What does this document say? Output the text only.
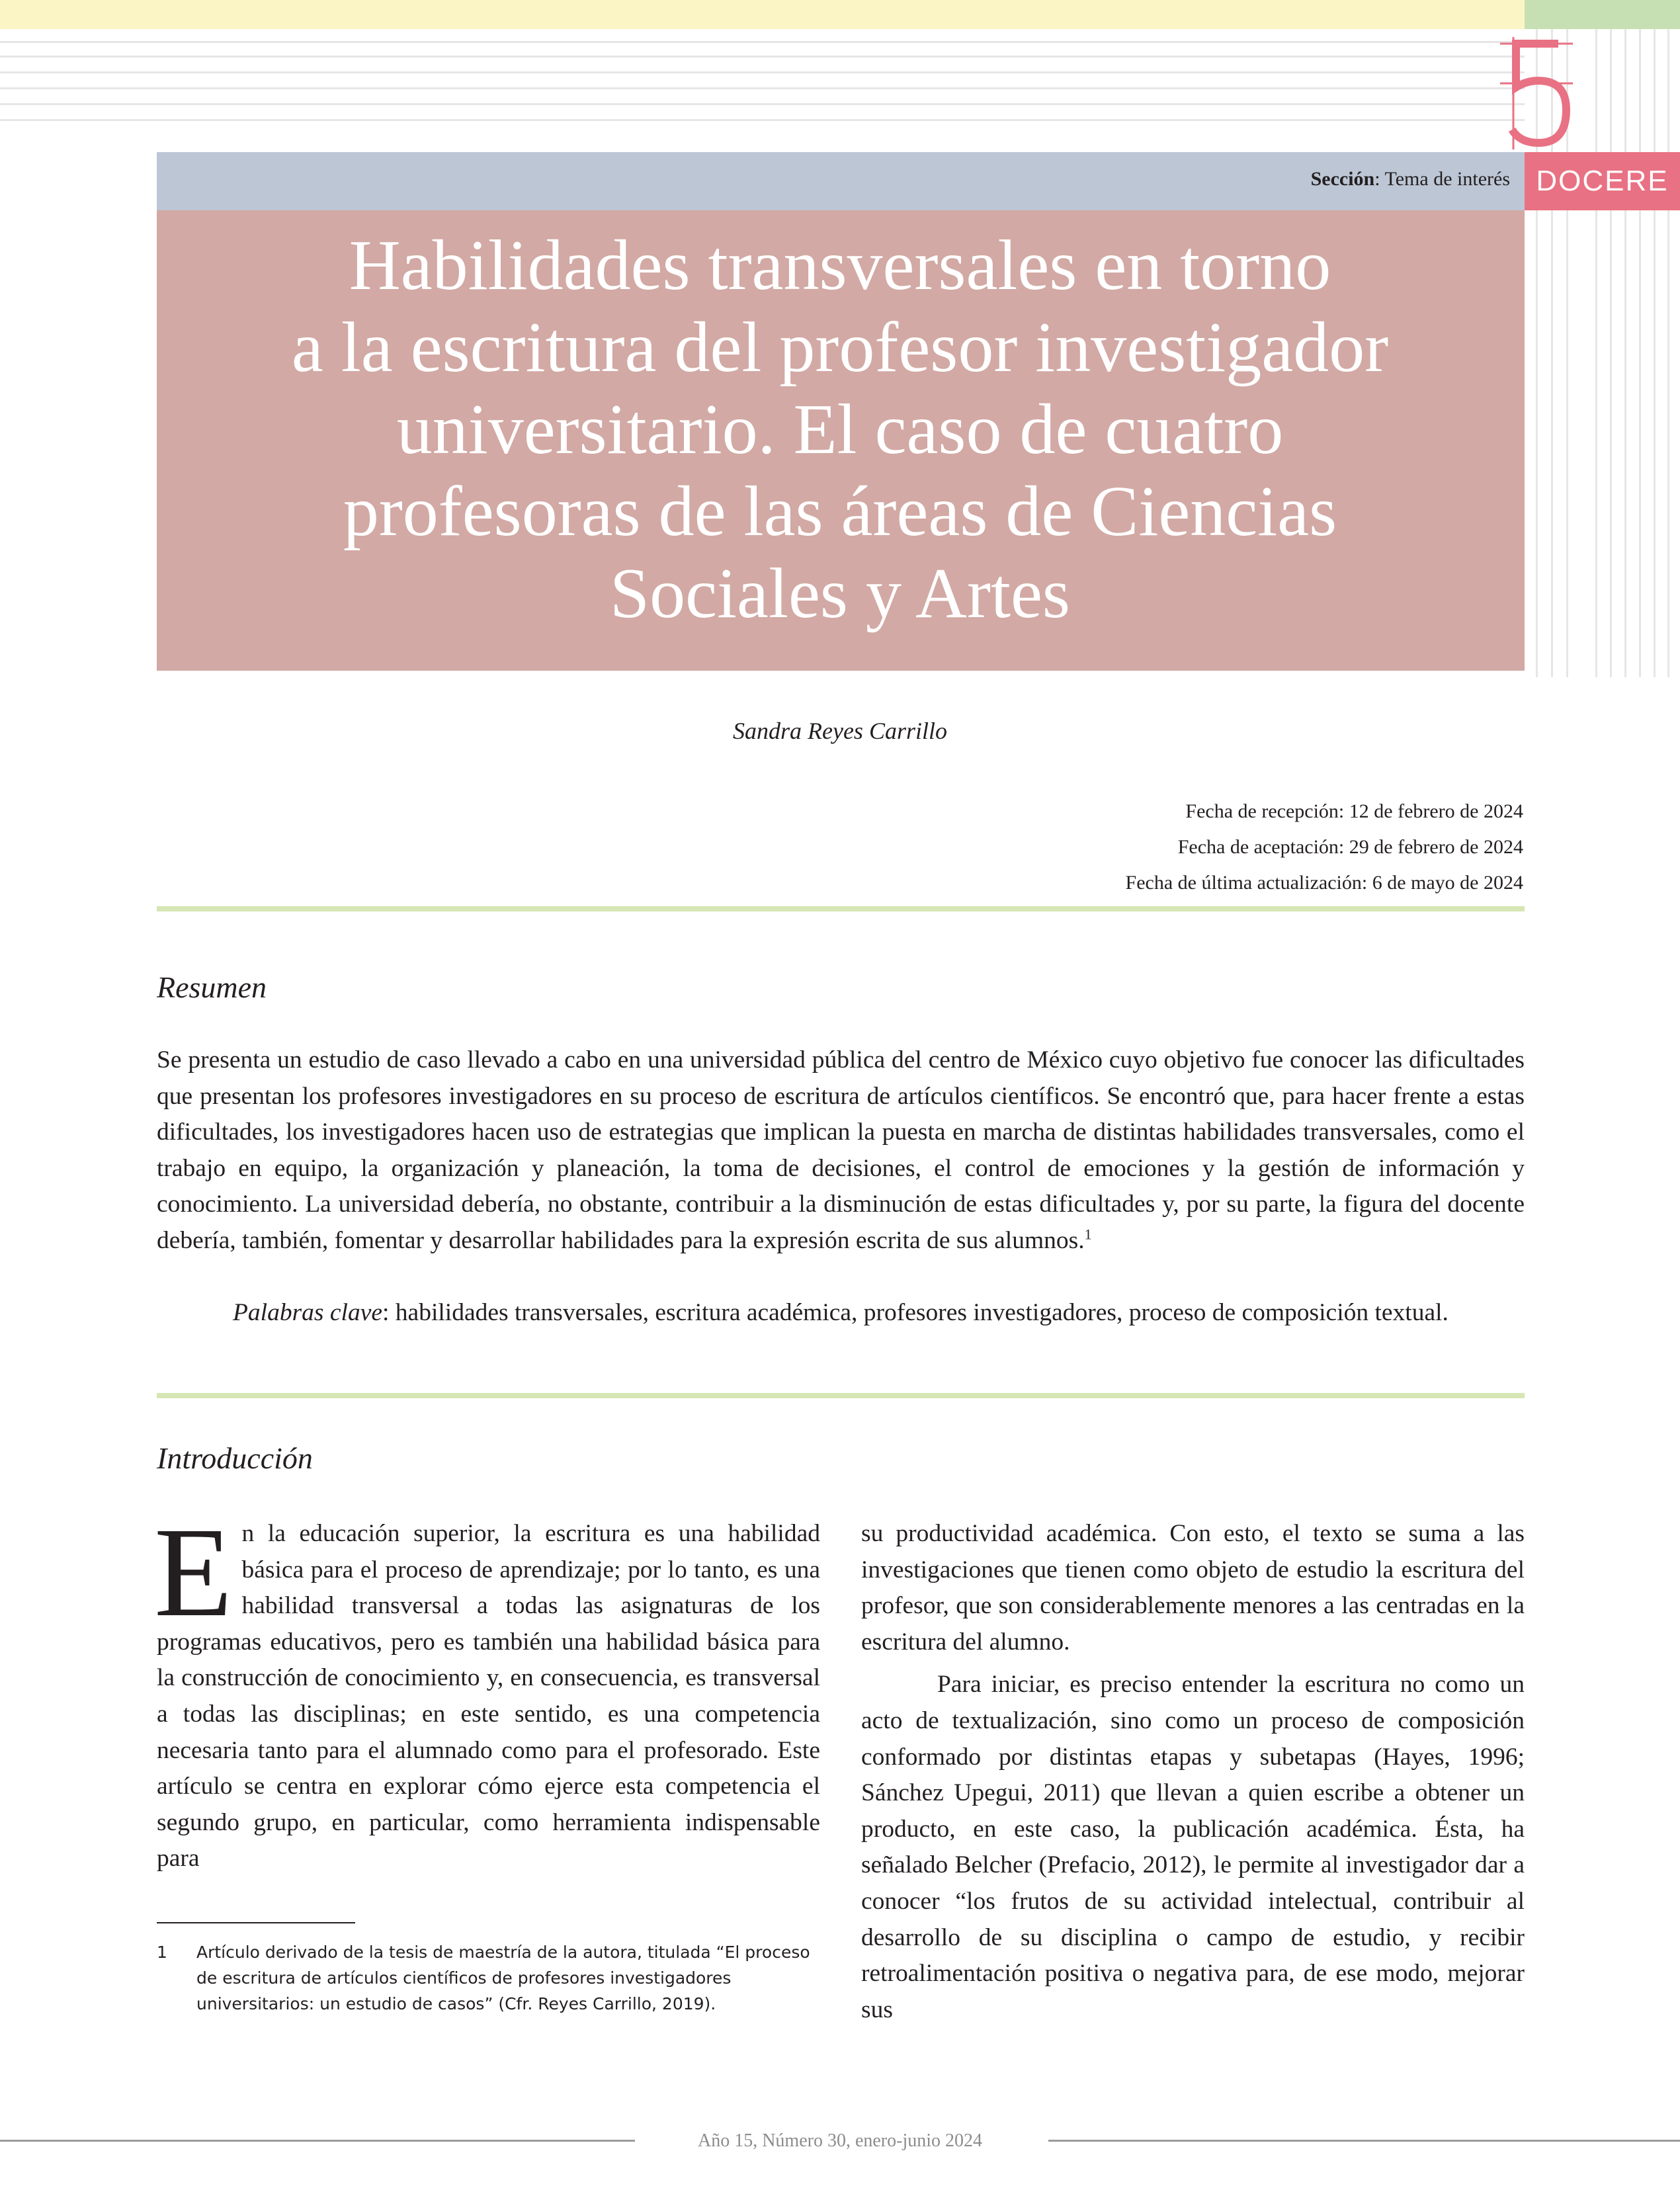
Sección: Tema de interés DOCERE
Habilidades transversales en torno
a la escritura del profesor investigador
universitario. El caso de cuatro
profesoras de las áreas de Ciencias
Sociales y Artes
Sandra Reyes Carrillo
Fecha de recepción: 12 de febrero de 2024
Fecha de aceptación: 29 de febrero de 2024
Fecha de última actualización: 6 de mayo de 2024
Resumen

Se presenta un estudio de caso llevado a cabo en una universidad pública del centro de México cuyo objetivo fue conocer las dificultades que presentan los profesores investigadores en su proceso de escritura de artículos científicos. Se encontró que, para hacer frente a estas dificultades, los investigadores hacen uso de estrategias que implican la puesta en marcha de distintas habilidades transversales, como el trabajo en equipo, la organización y planeación, la toma de decisiones, el control de emociones y la gestión de información y conocimiento. La universidad debería, no obstante, contribuir a la disminución de estas dificultades y, por su parte, la figura del docente debería, también, fomentar y desarrollar habilidades para la expresión escrita de sus alumnos.$^1$

Palabras clave: habilidades transversales, escritura académica, profesores investigadores, proceso de composición textual.

Introducción
En la educación superior, la escritura es una habilidad básica para el proceso de aprendizaje; por lo tanto, es una habilidad transversal a todas las asignaturas de los programas educativos, pero es también una habilidad básica para la construcción de conocimiento y, en consecuencia, es transversal a todas las disciplinas; en este sentido, es una competencia necesaria tanto para el alumnado como para el profesorado. Este artículo se centra en explorar cómo ejerce esta competencia el segundo grupo, en particular, como herramienta indispensable para

su productividad académica. Con esto, el texto se suma a las investigaciones que tienen como objeto de estudio la escritura del profesor, que son considerablemente menores a las centradas en la escritura del alumno.

Para iniciar, es preciso entender la escritura no como un acto de textualización, sino como un proceso de composición conformado por distintas etapas y subetapas (Hayes, 1996; Sánchez Upegui, 2011) que llevan a quien escribe a obtener un producto, en este caso, la publicación académica. Ésta, ha señalado Belcher (Prefacio, 2012), le permite al investigador dar a conocer “los frutos de su actividad intelectual, contribuir al desarrollo de su disciplina o campo de estudio, y recibir retroalimentación positiva o negativa para, de ese modo, mejorar sus

1 Artículo derivado de la tesis de maestría de la autora, titulada “El proceso de escritura de artículos científicos de profesores investigadores universitarios: un estudio de casos” (Cfr. Reyes Carrillo, 2019).
Año 15, Número 30, enero-junio 2024
